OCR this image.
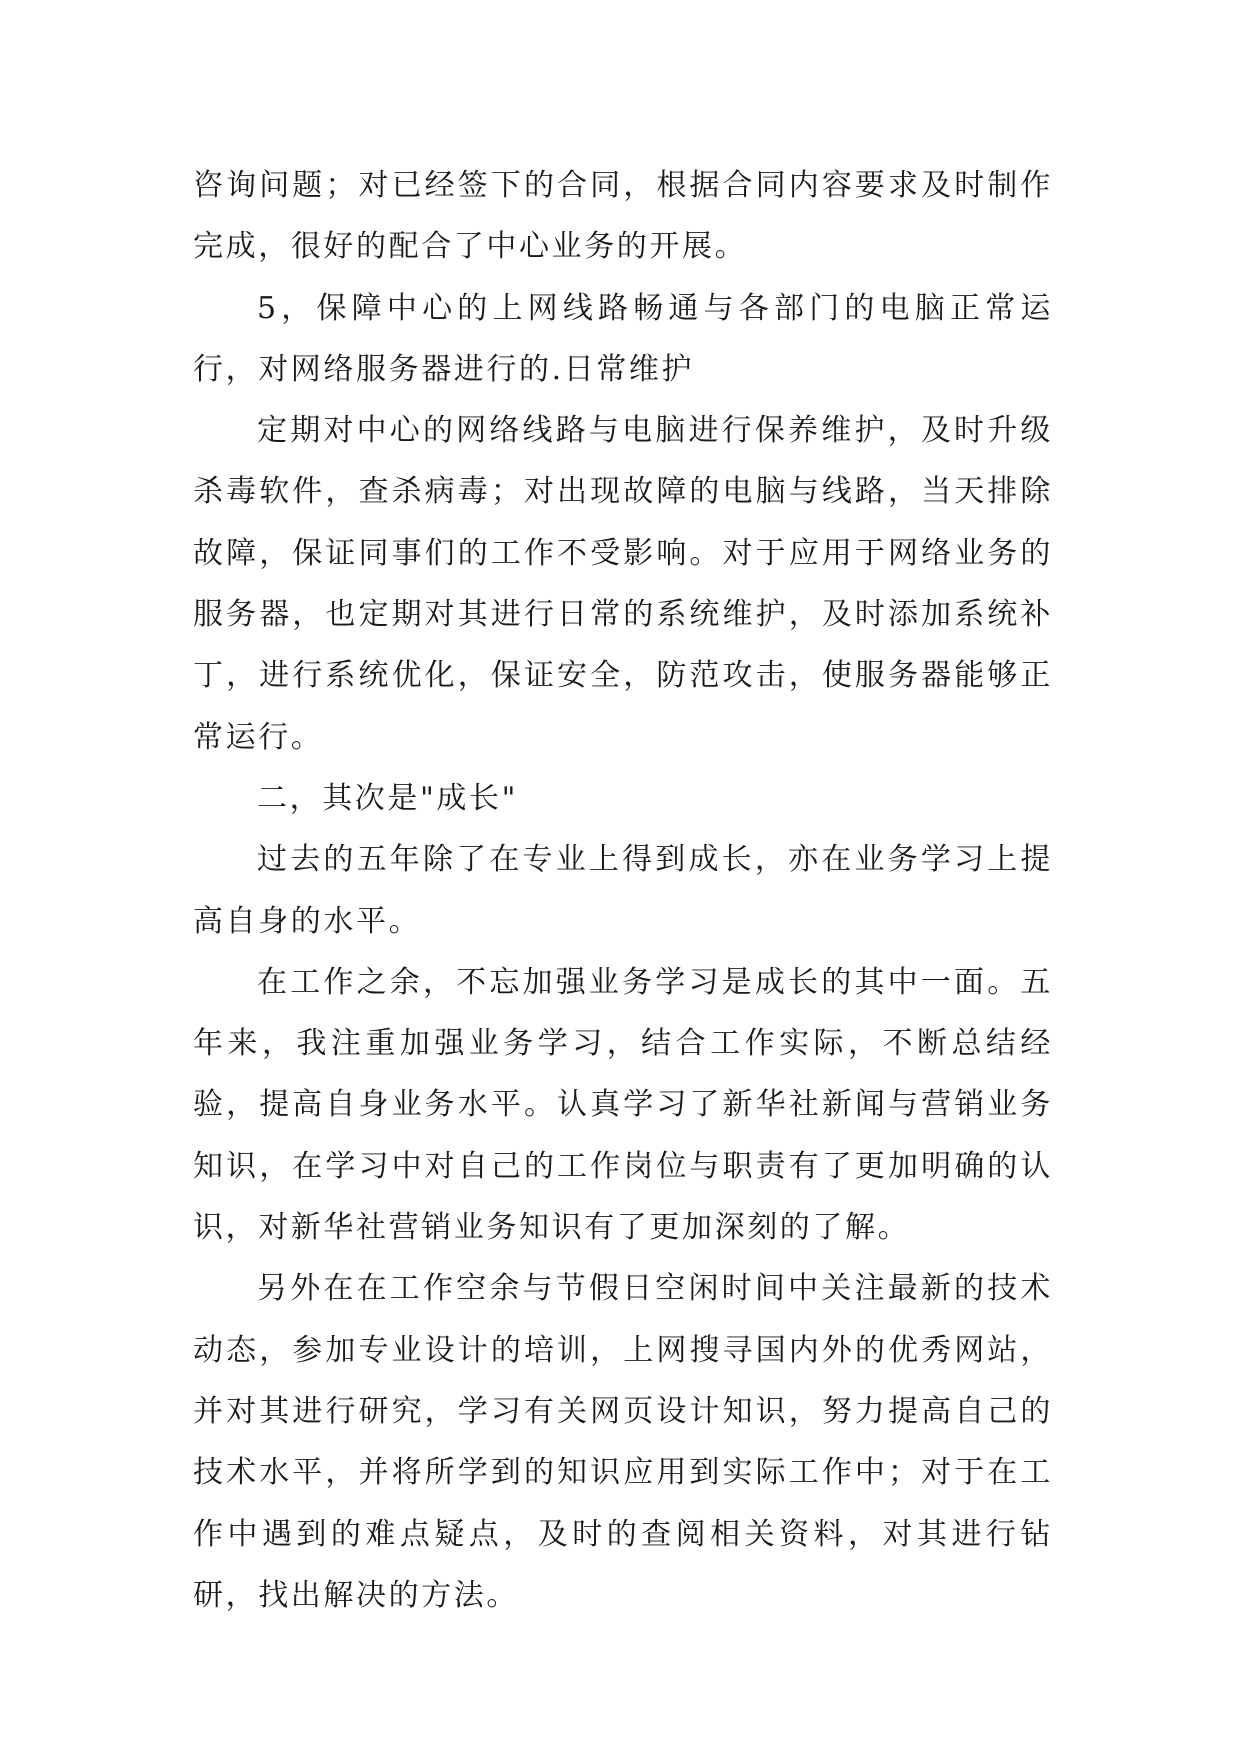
咨询问题；对已经签下的合同，根据合同内容要求及时制作完成，很好的配合了中心业务的开展。

5，保障中心的上网线路畅通与各部门的电脑正常运行，对网络服务器进行的.日常维护

定期对中心的网络线路与电脑进行保养维护，及时升级杀毒软件，查杀病毒；对出现故障的电脑与线路，当天排除故障，保证同事们的工作不受影响。对于应用于网络业务的服务器，也定期对其进行日常的系统维护，及时添加系统补丁，进行系统优化，保证安全，防范攻击，使服务器能够正常运行。

二，其次是"成长"

过去的五年除了在专业上得到成长，亦在业务学习上提高自身的水平。

在工作之余，不忘加强业务学习是成长的其中一面。五年来，我注重加强业务学习，结合工作实际，不断总结经验，提高自身业务水平。认真学习了新华社新闻与营销业务知识，在学习中对自己的工作岗位与职责有了更加明确的认识，对新华社营销业务知识有了更加深刻的了解。

另外在在工作空余与节假日空闲时间中关注最新的技术动态，参加专业设计的培训，上网搜寻国内外的优秀网站，并对其进行研究，学习有关网页设计知识，努力提高自己的技术水平，并将所学到的知识应用到实际工作中；对于在工作中遇到的难点疑点，及时的查阅相关资料，对其进行钻研，找出解决的方法。
